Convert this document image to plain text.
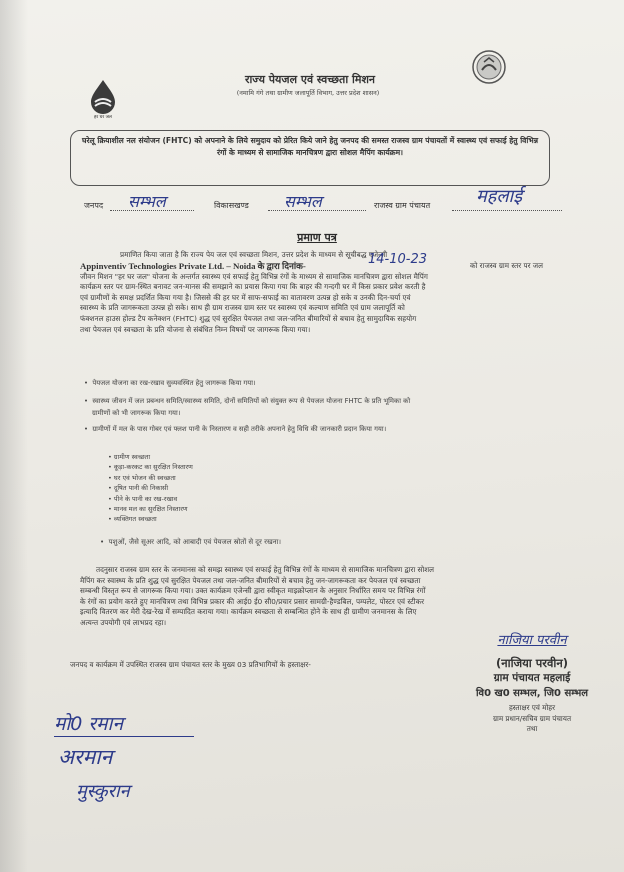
हर घर जल
राज्य पेयजल एवं स्वच्छता मिशन
(नमामि गंगे तथा ग्रामीण जलापूर्ति विभाग, उत्तर प्रदेश शासन)
घरेलू क्रियाशील नल संयोजन (FHTC) को अपनाने के लिये समुदाय को प्रेरित किये जाने हेतु जनपद की समस्त राजस्व ग्राम पंचायतों में स्वास्थ्य एवं सफाई हेतु विभिन्न रंगों के माध्यम से सामाजिक मानचित्रण द्वारा सोशल मैपिंग कार्यक्रम।
जनपद सम्भल	विकासखण्ड सम्भल	राजस्व ग्राम पंचायत	महलाई
प्रमाण पत्र
प्रमाणित किया जाता है कि राज्य पेय जल एवं स्वच्छता मिशन, उत्तर प्रदेश के माध्यम से सूचीबद्ध एजेन्सी
Appinventiv Technologies Private Ltd. – Noida के द्वारा दिनांक-	14-10-23	को राजस्व ग्राम स्तर पर जल
जीवन मिशन "हर घर जल" योजना के अन्तर्गत स्वास्थ्य एवं सफाई हेतु विभिन्न रंगों के माध्यम से सामाजिक मानचित्रण द्वारा सोशल मैपिंग
कार्यक्रम स्तर पर ग्राम-स्थित बनावट जन-मानस की समझाने का प्रयास किया गया कि बाहर की गन्दगी घर में किस प्रकार प्रवेश करती है
एवं ग्रामीणों के समक्ष प्रदर्शित किया गया है। जिससे की हर घर में साफ-सफाई का वातावरण उत्पन्न हो सके व उनकी दिन-चर्या एवं
स्वास्थ्य के प्रति जागरूकता उत्पन्न हो सके। साथ ही ग्राम राजस्व ग्राम स्तर पर स्वास्थ्य एवं कल्याण समिति एवं ग्राम जलापूर्ति को
फंक्शनल हाउस होल्ड टैप कनेक्शन (FHTC) शुद्ध एवं सुरक्षित पेयजल तथा जल-जनित बीमारियों से बचाव हेतु सामुदायिक सहयोग
तथा पेयजल एवं स्वच्छता के प्रति योजना से संबंधित निम्न विषयों पर जागरूक किया गया।
•  पेयजल योजना का रख-रखाव सुव्यवस्थित हेतु जागरूक किया गया।
•  स्वास्थ्य जीवन में जल प्रबन्धन समिति/स्वास्थ्य समिति, दोनों समितियों को संयुक्त रूप से पेयजल योजना FHTC के प्रति भूमिका को
ग्रामीणों को भी जागरूक किया गया।
•  ग्रामीणों में मल के पास गोबर एवं फ्लश पानी के निस्तारण व सही तरीके अपनाने हेतु विधि की जानकारी प्रदान किया गया।
• ग्रामीण स्वच्छता
• कूड़ा-करकट का सुरक्षित निस्तारण
• घर एवं भोजन की स्वच्छता
• दूषित पानी की निकासी
• पीने के पानी का रख-रखाव
• मानव मल का सुरक्षित निस्तारण
• व्यक्तिगत स्वच्छता
•  पशुओं, जैसे सूअर आदि, को आबादी एवं पेयजल स्रोतों से दूर रखना।
तदनुसार राजस्व ग्राम स्तर के जनमानस को समझ स्वास्थ्य एवं सफाई हेतु विभिन्न रंगों के माध्यम से सामाजिक मानचित्रण द्वारा सोशल
मैपिंग कर स्वास्थ्य के प्रति शुद्ध एवं सुरक्षित पेयजल तथा जल-जनित बीमारियों से बचाव हेतु जन-जागरूकता कर पेयजल एवं स्वच्छता
सम्बन्धी विस्तृत रूप से जागरूक किया गया। उक्त कार्यक्रम एजेन्सी द्वारा स्वीकृत माइक्रोप्लान के अनुसार निर्धारित समय पर विभिन्न रंगों
के रंगों का प्रयोग करते हुए मानचित्रण तथा विभिन्न प्रकार की आई0 ई0 सी0/प्रचार प्रसार सामग्री-हैण्डबिल, पम्पलेट, पोस्टर एवं स्टीकर
इत्यादि वितरण कर मेरी देख-रेख में सम्पादित कराया गया। कार्यक्रम स्वच्छता से सम्बन्धित होने के साथ ही ग्रामीण जनमानस के लिए
अत्यन्त उपयोगी एवं लाभप्रद रहा।
जनपद व कार्यक्रम में उपस्थित राजस्व ग्राम पंचायत स्तर के मुख्य 03 प्रतिभागियों के हस्ताक्षर-
नाजिया परवीन
(नाजिया परवीन)
ग्राम पंचायत महलाई
वि0 ख0 सम्भल, जि0 सम्भल
हस्ताक्षर एवं मोहर
ग्राम प्रधान/सचिव ग्राम पंचायत
तथा
मो0 रमान
अरमान
मुस्कुरान
